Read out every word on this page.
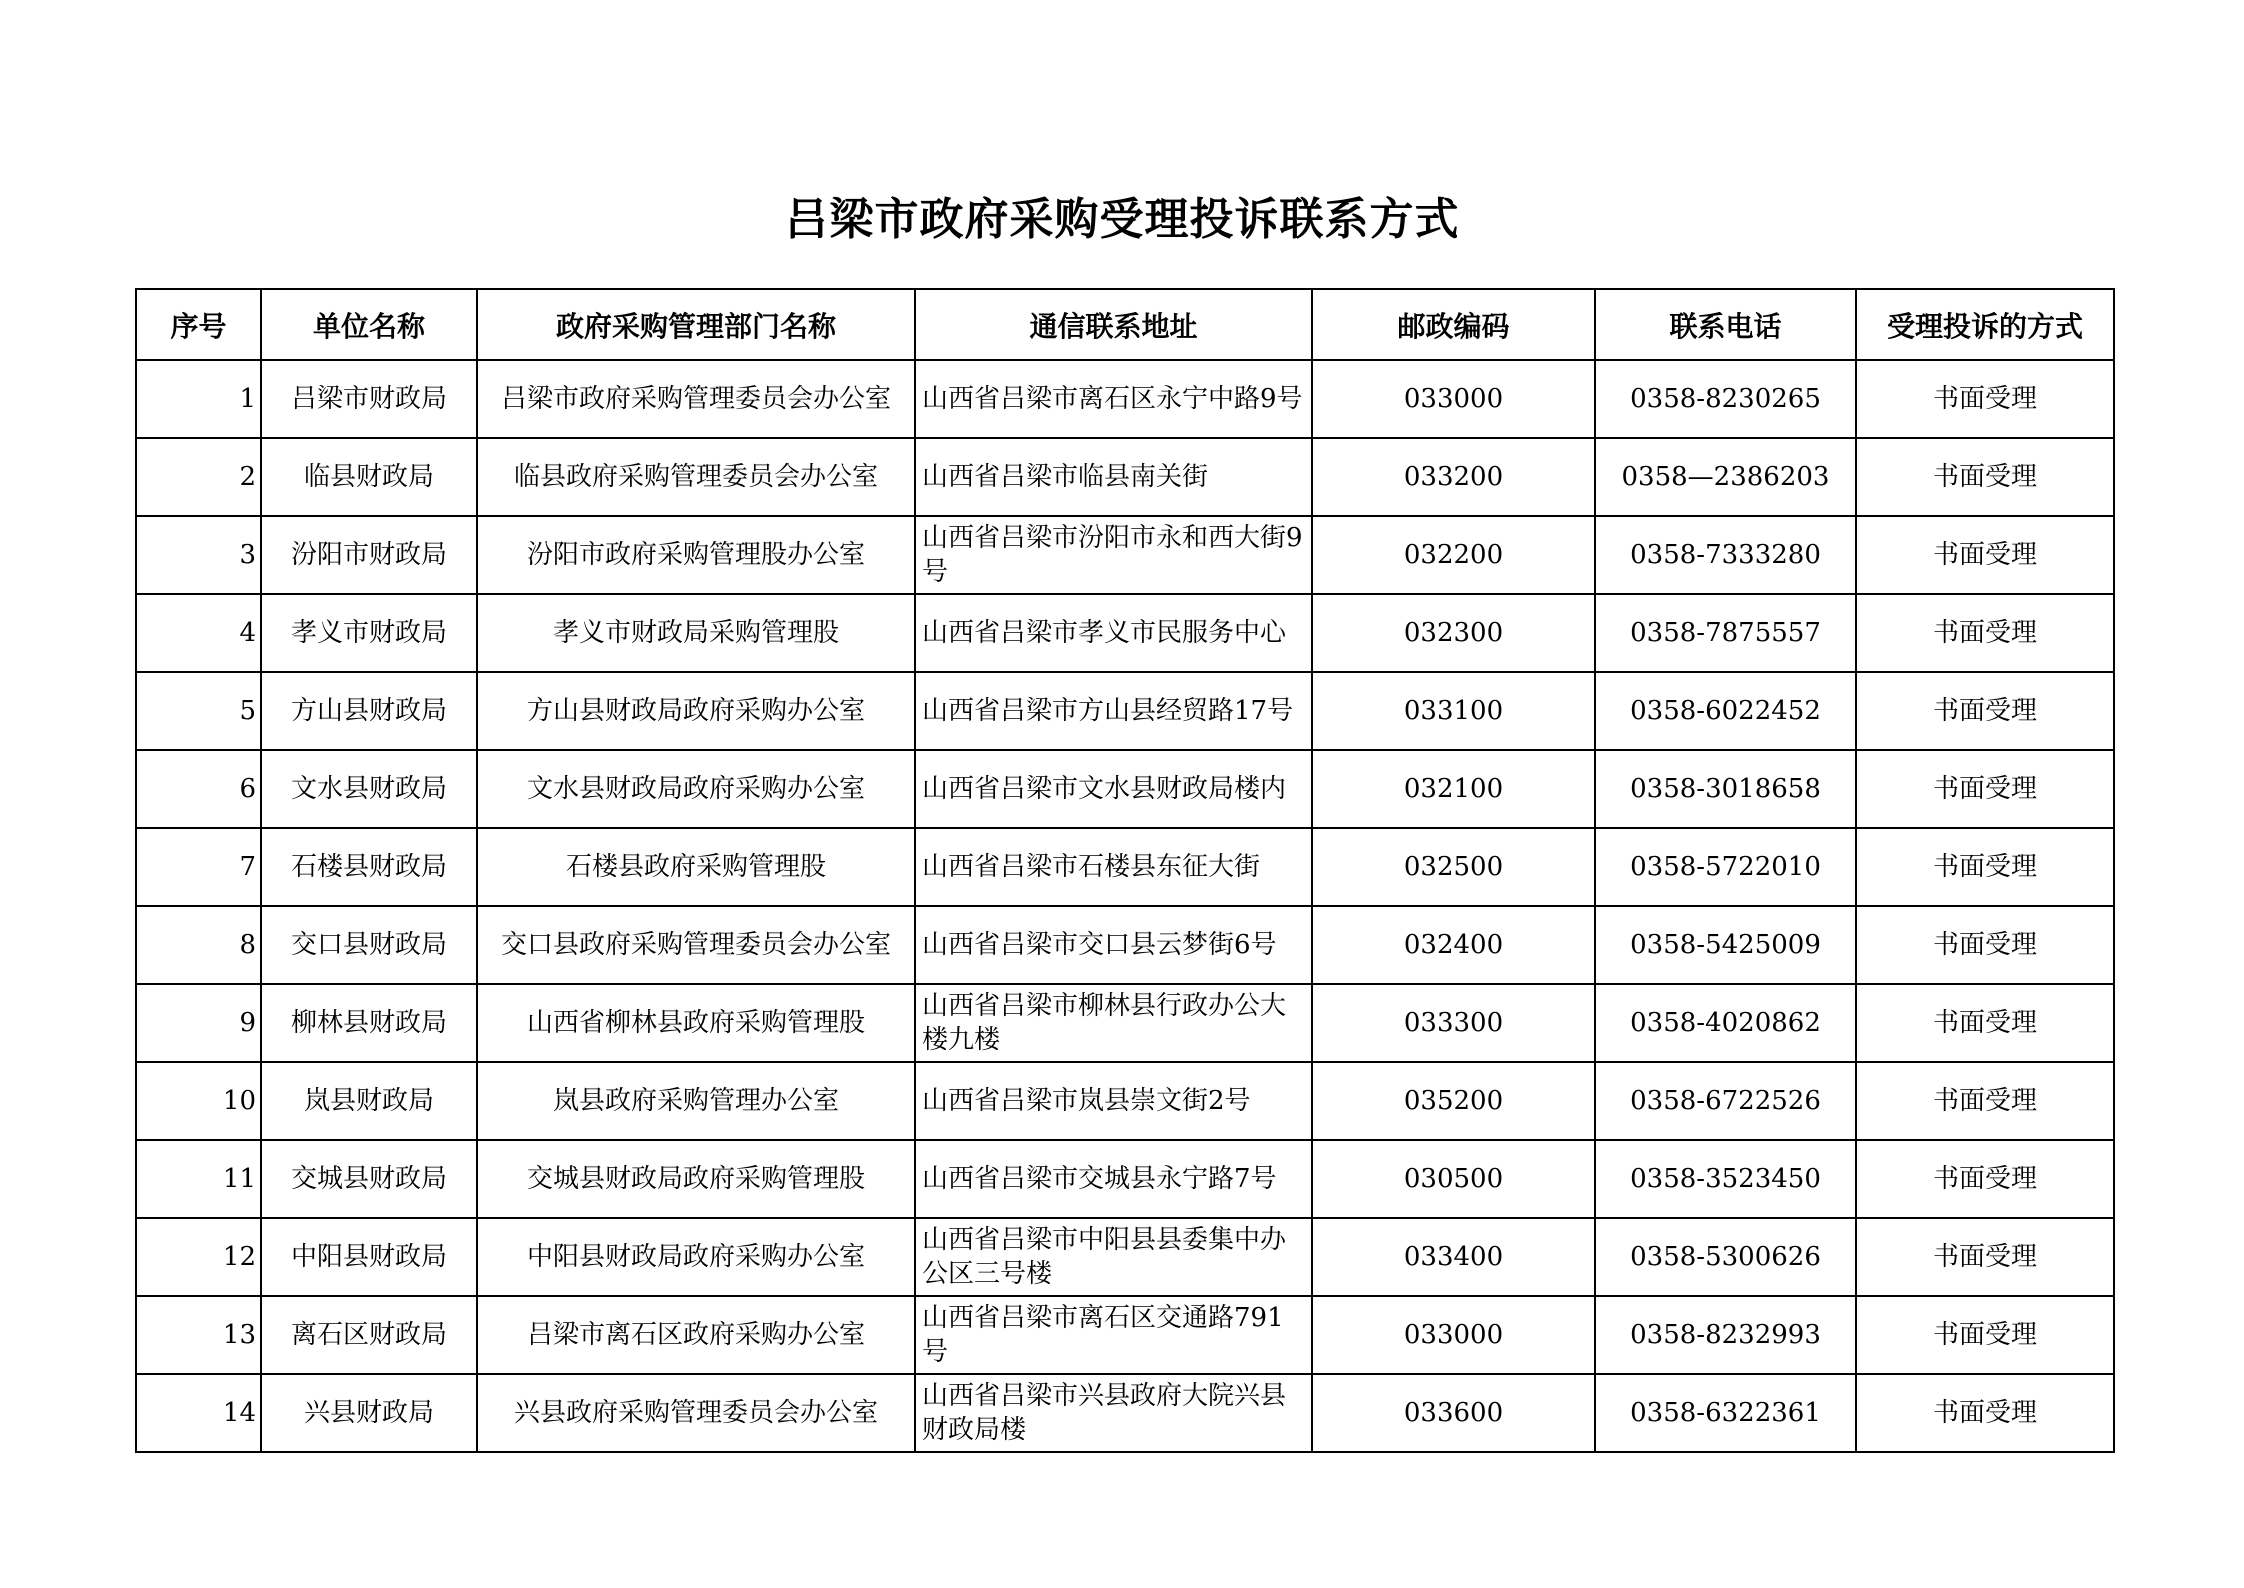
吕梁市政府采购受理投诉联系方式
序号	单位名称	政府采购管理部门名称	通信联系地址	邮政编码	联系电话	受理投诉的方式
1	吕梁市财政局	吕梁市政府采购管理委员会办公室	山西省吕梁市离石区永宁中路9号	033000	0358-8230265	书面受理
2	临县财政局	临县政府采购管理委员会办公室	山西省吕梁市临县南关街	033200	0358—2386203	书面受理
3	汾阳市财政局	汾阳市政府采购管理股办公室	山西省吕梁市汾阳市永和西大街9号	032200	0358-7333280	书面受理
4	孝义市财政局	孝义市财政局采购管理股	山西省吕梁市孝义市民服务中心	032300	0358-7875557	书面受理
5	方山县财政局	方山县财政局政府采购办公室	山西省吕梁市方山县经贸路17号	033100	0358-6022452	书面受理
6	文水县财政局	文水县财政局政府采购办公室	山西省吕梁市文水县财政局楼内	032100	0358-3018658	书面受理
7	石楼县财政局	石楼县政府采购管理股	山西省吕梁市石楼县东征大街	032500	0358-5722010	书面受理
8	交口县财政局	交口县政府采购管理委员会办公室	山西省吕梁市交口县云梦街6号	032400	0358-5425009	书面受理
9	柳林县财政局	山西省柳林县政府采购管理股	山西省吕梁市柳林县行政办公大楼九楼	033300	0358-4020862	书面受理
10	岚县财政局	岚县政府采购管理办公室	山西省吕梁市岚县崇文街2号	035200	0358-6722526	书面受理
11	交城县财政局	交城县财政局政府采购管理股	山西省吕梁市交城县永宁路7号	030500	0358-3523450	书面受理
12	中阳县财政局	中阳县财政局政府采购办公室	山西省吕梁市中阳县县委集中办公区三号楼	033400	0358-5300626	书面受理
13	离石区财政局	吕梁市离石区政府采购办公室	山西省吕梁市离石区交通路791号	033000	0358-8232993	书面受理
14	兴县财政局	兴县政府采购管理委员会办公室	山西省吕梁市兴县政府大院兴县财政局楼	033600	0358-6322361	书面受理
